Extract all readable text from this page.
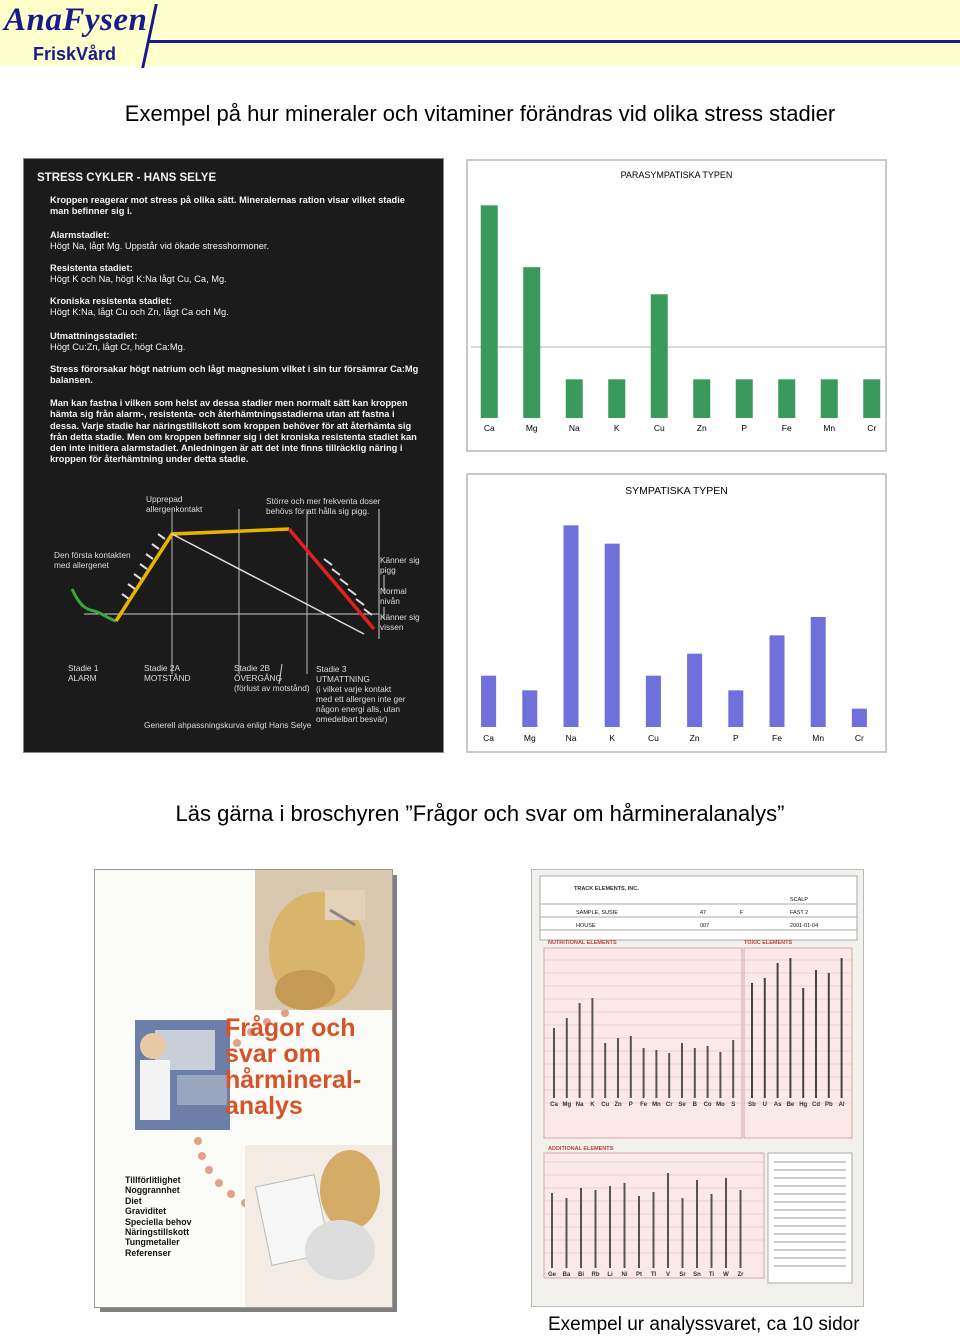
AnaFysen
FriskVård
Exempel på hur mineraler och vitaminer förändras vid olika stress stadier
STRESS CYKLER - HANS SELYE
Kroppen reagerar mot stress på olika sätt. Mineralernas ration visar vilket stadie man befinner sig i.
Alarmstadiet:
Högt Na, lågt Mg. Uppstår vid ökade stresshormoner.
Resistenta stadiet:
Högt K och Na, högt K:Na lågt Cu, Ca, Mg.
Kroniska resistenta stadiet:
Högt K:Na, lågt Cu och Zn, lågt Ca och Mg.
Utmattningsstadiet:
Högt Cu:Zn, lågt Cr, högt Ca:Mg.
Stress förorsakar högt natrium och lågt magnesium vilket i sin tur försämrar Ca:Mg balansen.
Man kan fastna i vilken som helst av dessa stadier men normalt sätt kan kroppen hämta sig från alarm-, resistenta- och återhämtningsstadierna utan att fastna i dessa. Varje stadie har näringstillskott som kroppen behöver för att återhämta sig från detta stadie. Men om kroppen befinner sig i det kroniska resistenta stadiet kan den inte initiera alarmstadiet. Anledningen är att det inte finns tillräcklig näring i kroppen för återhämtning under detta stadie.
Upprepad allergenkontakt
Större och mer frekventa doser behövs för att hålla sig pigg.
Den första kontakten med allergenet	Känner sig pigg
Normal nivån
Känner sig vissen
Stadie 1
ALARM
Stadie 2A
MOTSTÅND
Stadie 2B
ÖVERGÅNG
(förlust av motstånd)
Stadie 3
UTMATTNING
(i vilket varje kontakt med ett allergen inte ger någon energi alls, utan omedelbart besvär)
Generell ahpassningskurva enligt Hans Selye
PARASYMPATISKA TYPEN
Ca	Mg	Na	K	Cu	Zn	P	Fe	Mn	Cr
SYMPATISKA TYPEN
Ca	Mg	Na	K	Cu	Zn	P	Fe	Mn	Cr
Läs gärna i broschyren ”Frågor och svar om hårmineralanalys”
Frågor och
svar om
hårmineral-
analys
Tillförlitlighet
Noggrannhet
Diet
Graviditet
Speciella behov
Näringstillskott
Tungmetaller
Referenser
Ca Mg Na K Cu Zn P Fe Mn Cr Se B Co Mo S Sb U As Be Hg Cd Pb Al
Ge Ba Bi Rb Li Ni Pt Tl V Sr Sn Ti W Zr
TRACK ELEMENTS, INC.
SAMPLE, SUSIE
HOUSE
47	F
007
SCALP
FAST 2
2001-01-04
NUTRITIONAL ELEMENTS	TOXIC ELEMENTS
ADDITIONAL ELEMENTS
Exempel ur analyssvaret, ca 10 sidor
